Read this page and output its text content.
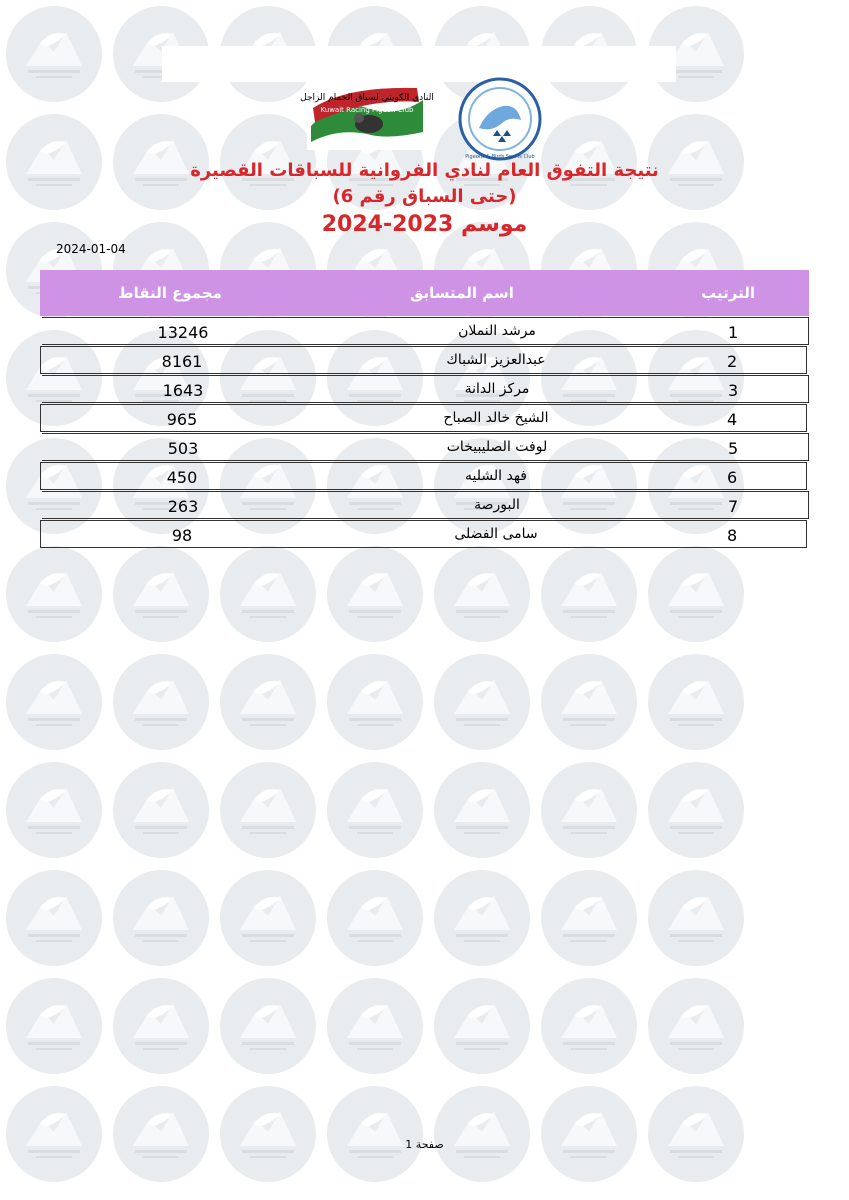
النادي الكويتي لسباق الحمام الزاجل
Kuwait Racing Pigeon Club
Pigeons & Birds Sports Club
نتيجة التفوق العام لنادي الفروانية للسباقات القصيرة
(حتى السباق رقم 6)
موسم 2023-2024
2024-01-04
مجموع النقاط	اسم المتسابق	الترتيب
13246	مرشد النملان	1
8161	عبدالعزيز الشباك	2
1643	مركز الدانة	3
965	الشيخ خالد الصباح	4
503	لوفت الصليبيخات	5
450	فهد الشليه	6
263	البورصة	7
98	سامى الفضلى	8
صفحة 1
